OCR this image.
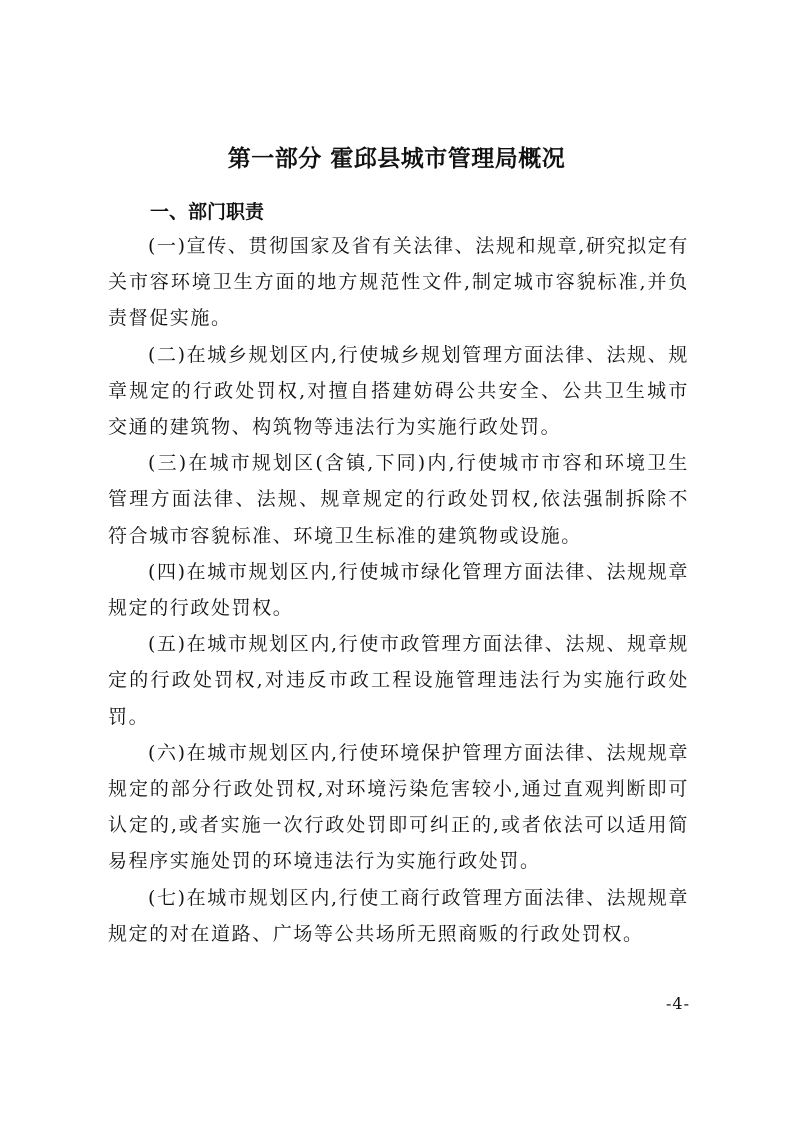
第一部分 霍邱县城市管理局概况
一、部门职责

(一)宣传、贯彻国家及省有关法律、法规和规章,研究拟定有关市容环境卫生方面的地方规范性文件,制定城市容貌标准,并负责督促实施。

(二)在城乡规划区内,行使城乡规划管理方面法律、法规、规章规定的行政处罚权,对擅自搭建妨碍公共安全、公共卫生城市交通的建筑物、构筑物等违法行为实施行政处罚。

(三)在城市规划区(含镇,下同)内,行使城市市容和环境卫生管理方面法律、法规、规章规定的行政处罚权,依法强制拆除不符合城市容貌标准、环境卫生标准的建筑物或设施。

(四)在城市规划区内,行使城市绿化管理方面法律、法规规章规定的行政处罚权。

(五)在城市规划区内,行使市政管理方面法律、法规、规章规定的行政处罚权,对违反市政工程设施管理违法行为实施行政处罚。

(六)在城市规划区内,行使环境保护管理方面法律、法规规章规定的部分行政处罚权,对环境污染危害较小,通过直观判断即可认定的,或者实施一次行政处罚即可纠正的,或者依法可以适用简易程序实施处罚的环境违法行为实施行政处罚。

(七)在城市规划区内,行使工商行政管理方面法律、法规规章规定的对在道路、广场等公共场所无照商贩的行政处罚权。

-4-
